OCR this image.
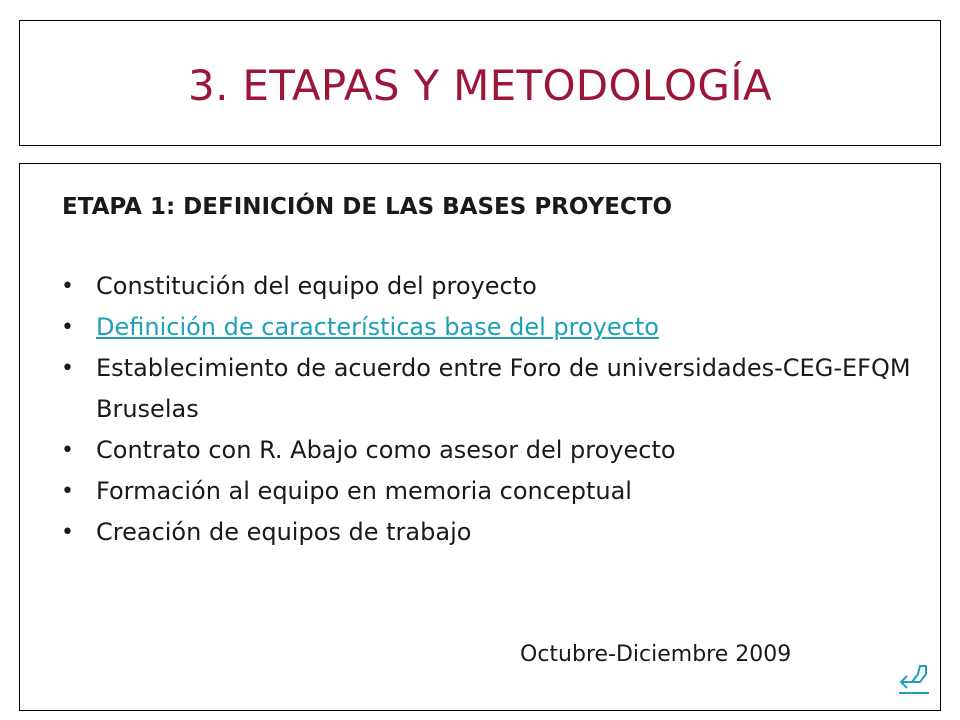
3. ETAPAS Y METODOLOGÍA
ETAPA 1: DEFINICIÓN DE LAS BASES PROYECTO
• Constitución del equipo del proyecto
• Definición de características base del proyecto
• Establecimiento de acuerdo entre Foro de universidades-CEG-EFQM Bruselas
• Contrato con R. Abajo como asesor del proyecto
• Formación al equipo en memoria conceptual
• Creación de equipos de trabajo

Octubre-Diciembre 2009
